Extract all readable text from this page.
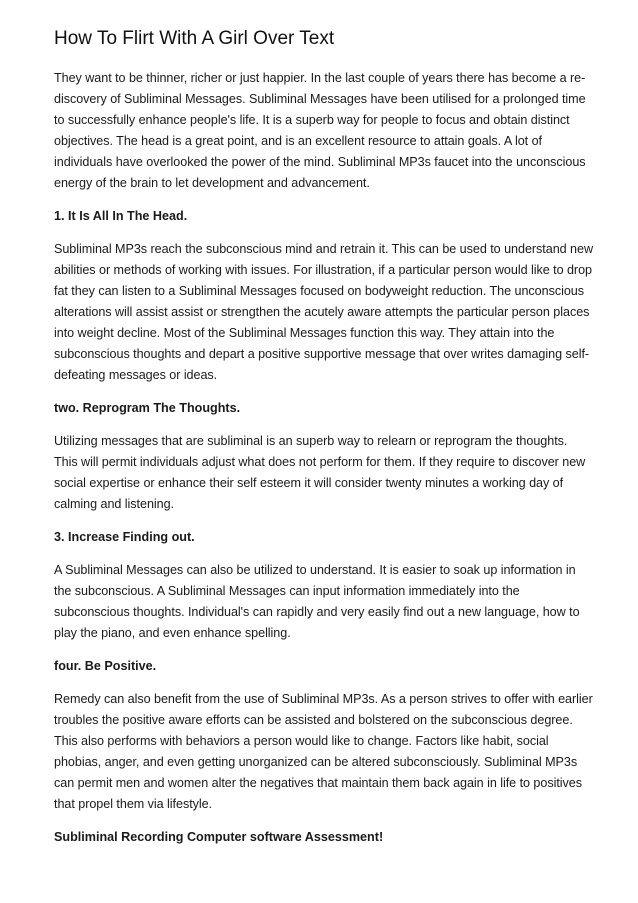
How To Flirt With A Girl Over Text

They want to be thinner, richer or just happier. In the last couple of years there has become a re-discovery of Subliminal Messages. Subliminal Messages have been utilised for a prolonged time to successfully enhance people's life. It is a superb way for people to focus and obtain distinct objectives. The head is a great point, and is an excellent resource to attain goals. A lot of individuals have overlooked the power of the mind. Subliminal MP3s faucet into the unconscious energy of the brain to let development and advancement.

1. It Is All In The Head.

Subliminal MP3s reach the subconscious mind and retrain it. This can be used to understand new abilities or methods of working with issues. For illustration, if a particular person would like to drop fat they can listen to a Subliminal Messages focused on bodyweight reduction. The unconscious alterations will assist assist or strengthen the acutely aware attempts the particular person places into weight decline. Most of the Subliminal Messages function this way. They attain into the subconscious thoughts and depart a positive supportive message that over writes damaging self-defeating messages or ideas.

two. Reprogram The Thoughts.

Utilizing messages that are subliminal is an superb way to relearn or reprogram the thoughts. This will permit individuals adjust what does not perform for them. If they require to discover new social expertise or enhance their self esteem it will consider twenty minutes a working day of calming and listening.

3. Increase Finding out.

A Subliminal Messages can also be utilized to understand. It is easier to soak up information in the subconscious. A Subliminal Messages can input information immediately into the subconscious thoughts. Individual's can rapidly and very easily find out a new language, how to play the piano, and even enhance spelling.

four. Be Positive.

Remedy can also benefit from the use of Subliminal MP3s. As a person strives to offer with earlier troubles the positive aware efforts can be assisted and bolstered on the subconscious degree. This also performs with behaviors a person would like to change. Factors like habit, social phobias, anger, and even getting unorganized can be altered subconsciously. Subliminal MP3s can permit men and women alter the negatives that maintain them back again in life to positives that propel them via lifestyle.

Subliminal Recording Computer software Assessment!
